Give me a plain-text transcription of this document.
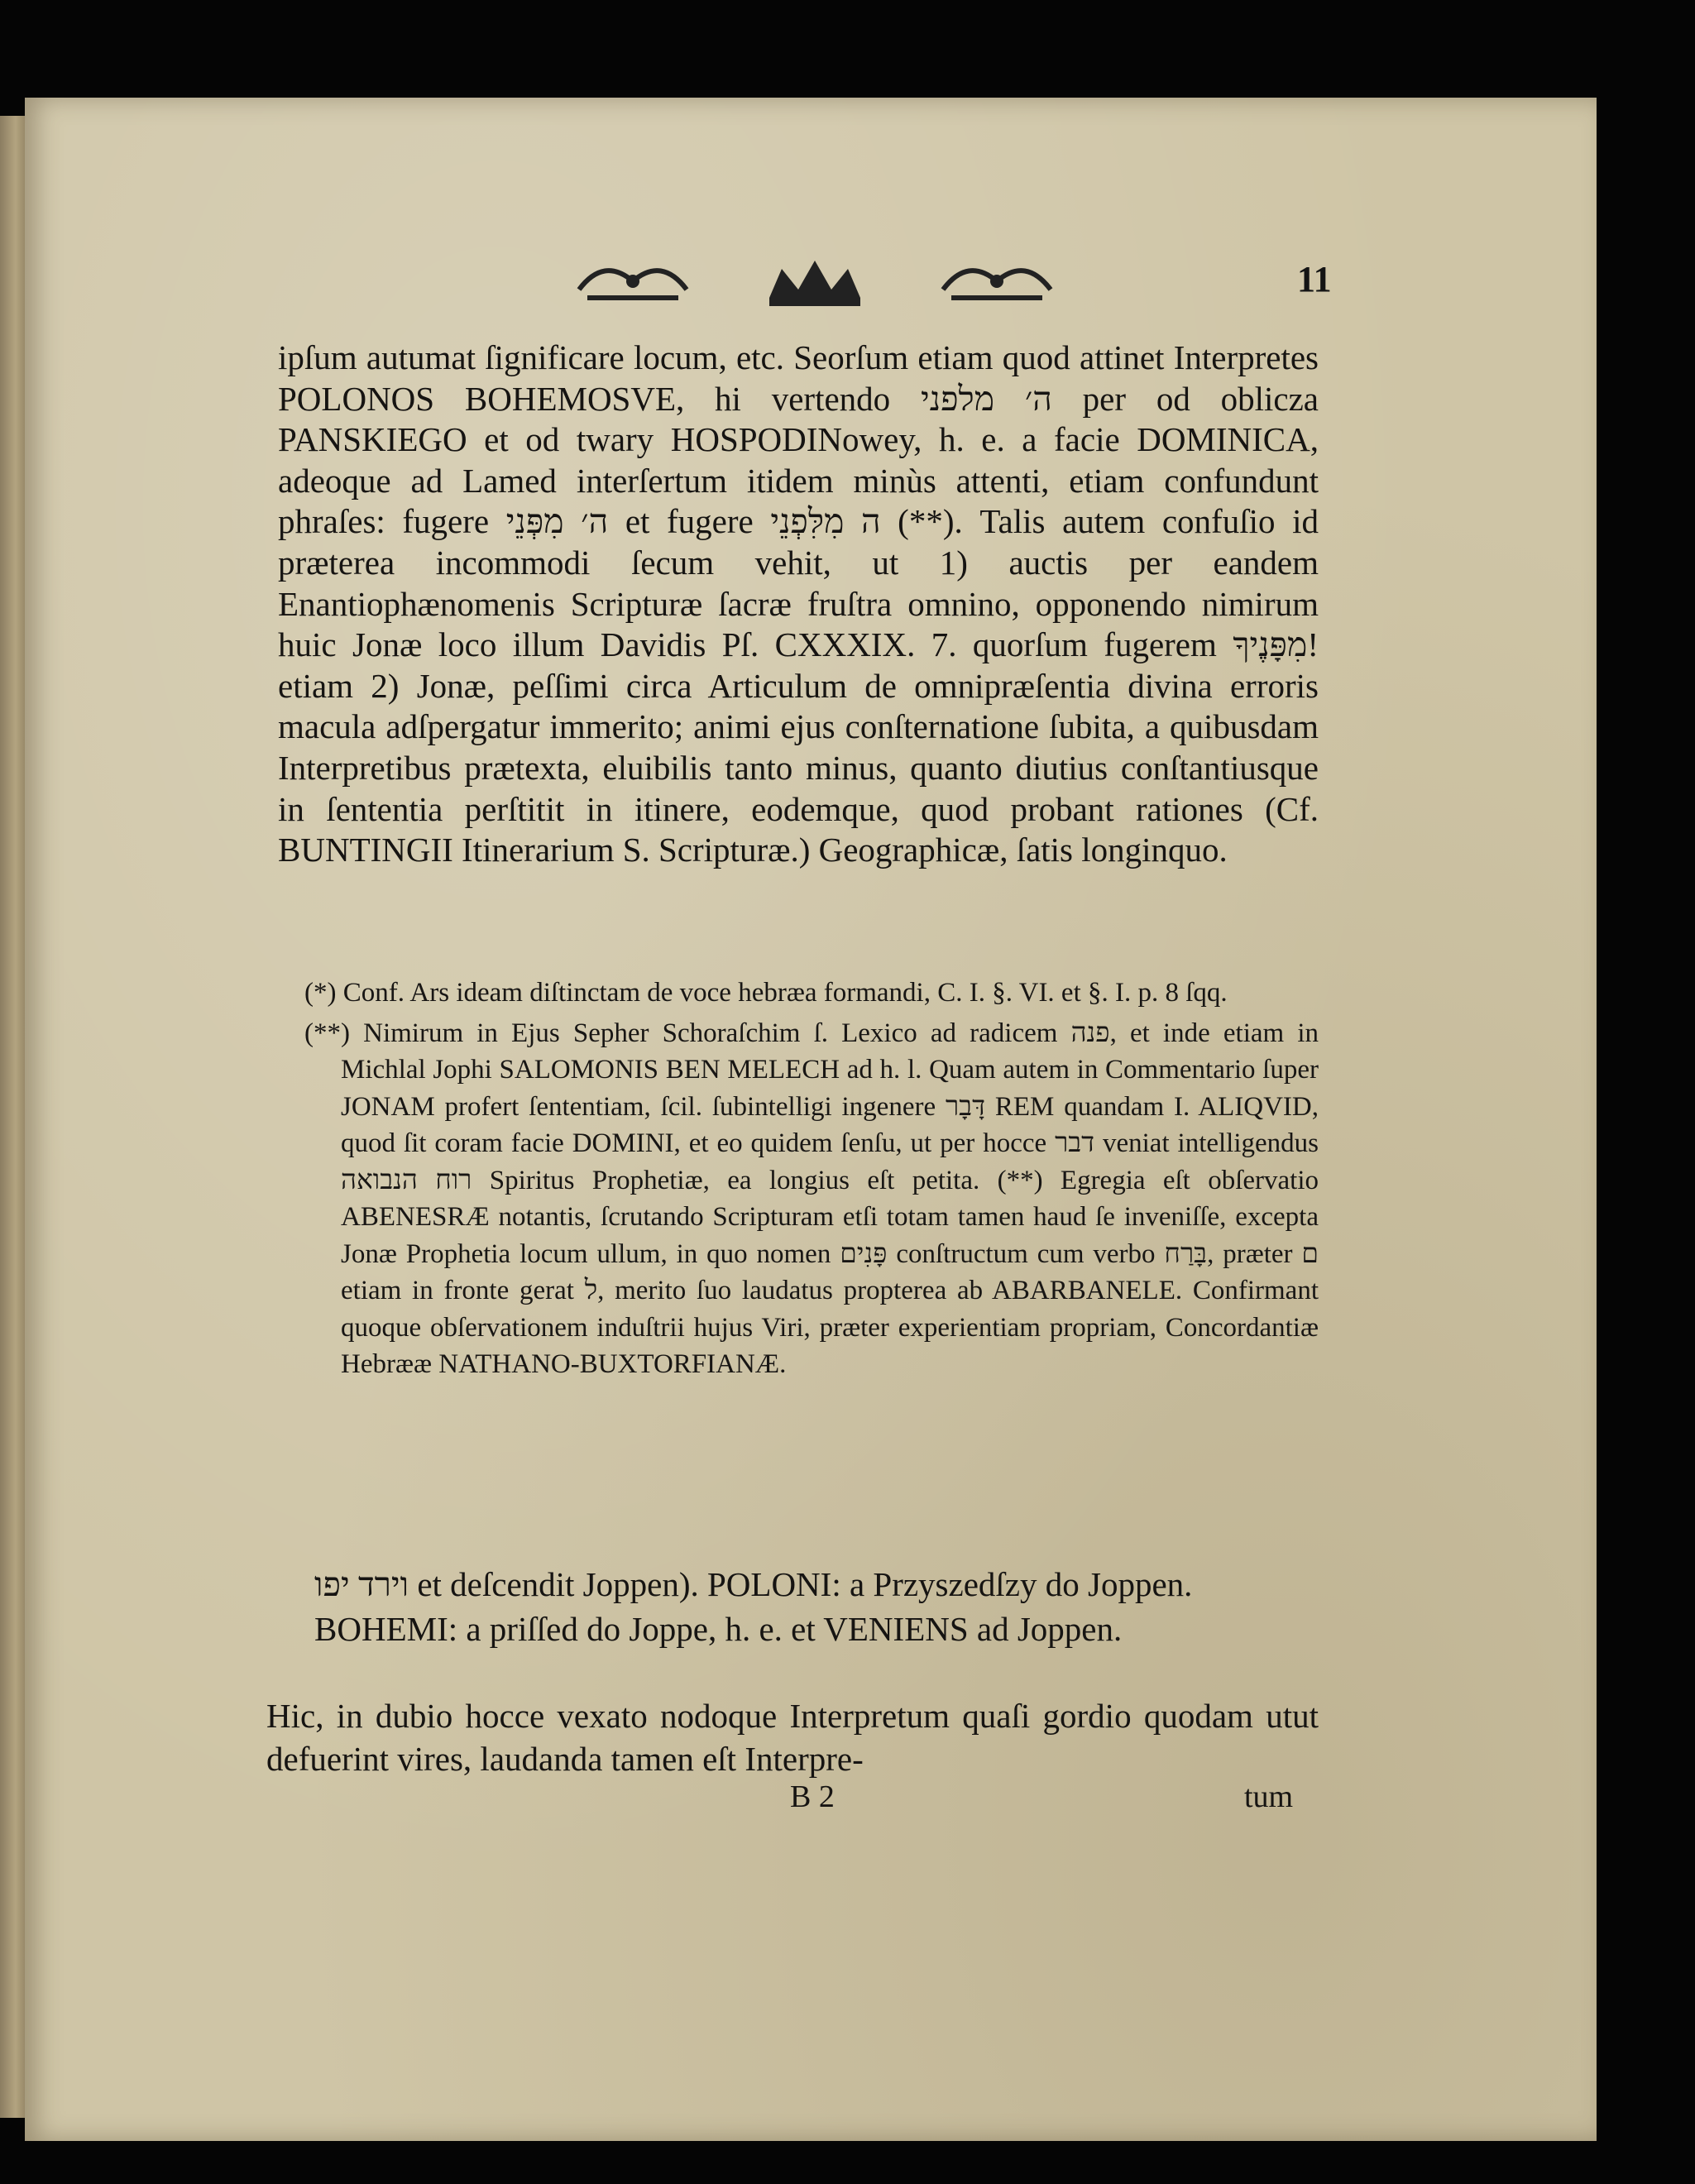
11

ipſum autumat ſignificare locum, etc. Seorſum etiam quod attinet Interpretes POLONOS BOHEMOSVE, hi vertendo ה׳ מלפני per od oblicza PANSKIEGO et od twary HOSPODINowey, h. e. a facie DOMINICA, adeoque ad Lamed interſertum itidem minùs attenti, etiam confundunt phraſes: fugere ה׳ מִפְּנֵי et fugere ה מִלִּפְנֵי (**). Talis autem confuſio id præterea incommodi ſecum vehit, ut 1) auctis per eandem Enantiophænomenis Scripturæ ſacræ fruſtra omnino, opponendo nimirum huic Jonæ loco illum Davidis Pſ. CXXXIX. 7. quorſum fugerem מִפָּנֶיךָ! etiam 2) Jonæ, peſſimi circa Articulum de omnipræſentia divina erroris macula adſpergatur immerito; animi ejus conſternatione ſubita, a quibusdam Interpretibus prætexta, eluibilis tanto minus, quanto diutius conſtantiusque in ſententia perſtitit in itinere, eodemque, quod probant rationes (Cf. BUNTINGII Itinerarium S. Scripturæ.) Geographicæ, ſatis longinquo.

(*) Conf. Ars ideam diſtinctam de voce hebræa formandi, C. I. §. VI. et §. I. p. 8 ſqq.

(**) Nimirum in Ejus Sepher Schoraſchim ſ. Lexico ad radicem פנה, et inde etiam in Michlal Jophi SALOMONIS BEN MELECH ad h. l. Quam autem in Commentario ſuper JONAM profert ſententiam, ſcil. ſubintelligi ingenere דָּבָר REM quandam I. ALIQVID, quod ſit coram facie DOMINI, et eo quidem ſenſu, ut per hocce דבר veniat intelligendus רוח הנבואה Spiritus Prophetiæ, ea longius eſt petita. (**) Egregia eſt obſervatio ABENESRÆ notantis, ſcrutando Scripturam etſi totam tamen haud ſe inveniſſe, excepta Jonæ Prophetia locum ullum, in quo nomen פָּנִים conſtructum cum verbo בָּרַח, præter ם etiam in fronte gerat ל, merito ſuo laudatus propterea ab ABARBANELE. Confirmant quoque obſervationem induſtrii hujus Viri, præter experientiam propriam, Concordantiæ Hebrææ NATHANO-BUXTORFIANÆ.

וירד יפו et deſcendit Joppen). POLONI: a Przyszedſzy do Joppen. BOHEMI: a priſſed do Joppe, h. e. et VENIENS ad Joppen.

Hic, in dubio hocce vexato nodoque Interpretum quaſi gordio quodam utut defuerint vires, laudanda tamen eſt Interpre-

B 2	tum
